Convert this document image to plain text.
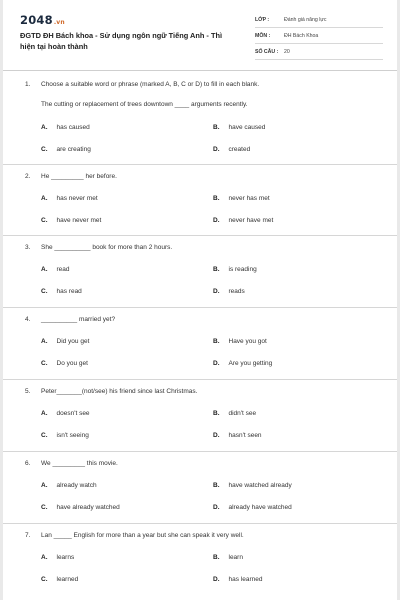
2048.vn
ĐGTD ĐH Bách khoa - Sử dụng ngôn ngữ Tiếng Anh - Thì hiện tại hoàn thành
LỚP :	Đánh giá năng lực
MÔN :	ĐH Bách Khoa
SỐ CÂU :	20
1. Choose a suitable word or phrase (marked A, B, C or D) to fill in each blank.
The cutting or replacement of trees downtown ____ arguments recently.
A. has caused	B. have caused
C. are creating	D. created
2. He _________ her before.
A. has never met	B. never has met
C. have never met	D. never have met
3. She __________ book for more than 2 hours.
A. read	B. is reading
C. has read	D. reads
4. __________ married yet?
A. Did you get	B. Have you got
C. Do you get	D. Are you getting
5. Peter_______(not/see) his friend since last Christmas.
A. doesn't see	B. didn't see
C. isn't seeing	D. hasn't seen
6. We _________ this movie.
A. already watch	B. have watched already
C. have already watched	D. already have watched
7. Lan _____ English for more than a year but she can speak it very well.
A. learns	B. learn
C. learned	D. has learned
